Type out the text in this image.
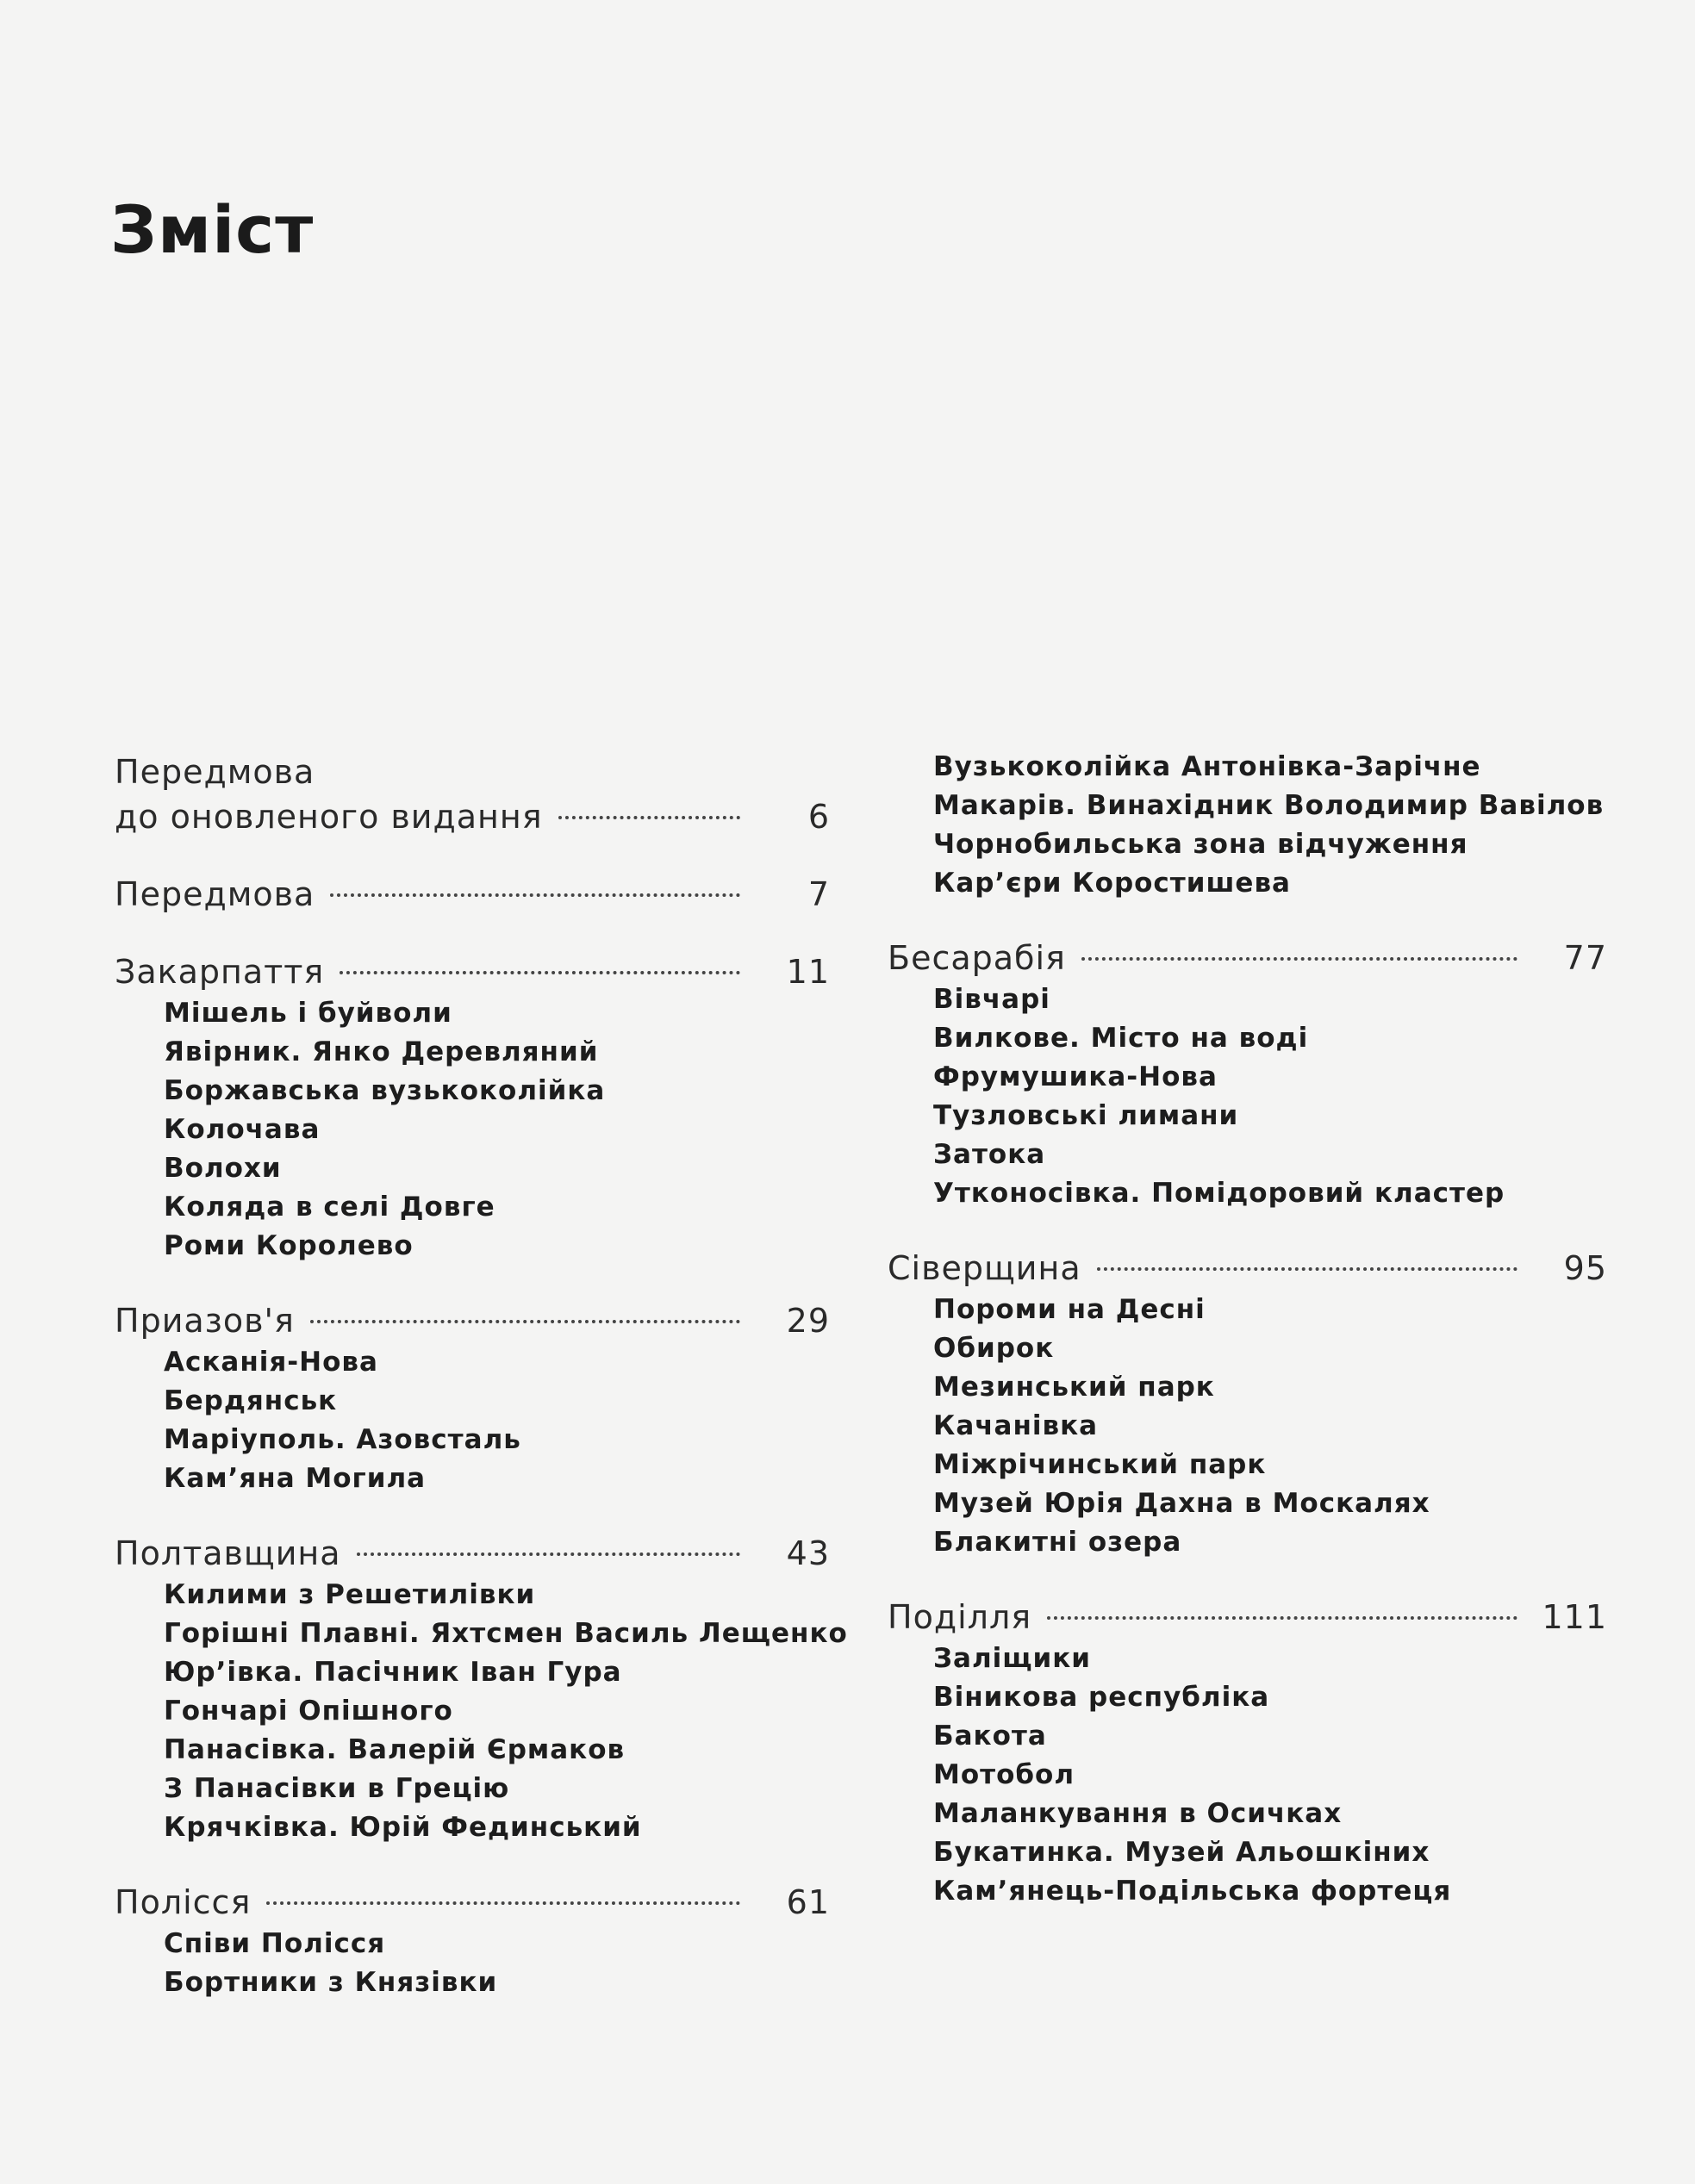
Зміст
Передмова
до оновленого видання	6
Передмова	7
Закарпаття	11
Мішель і буйволи
Явірник. Янко Деревляний
Боржавська вузькоколійка
Колочава
Волохи
Коляда в селі Довге
Роми Королево
Приазов'я	29
Асканія-Нова
Бердянськ
Маріуполь. Азовсталь
Кам’яна Могила
Полтавщина	43
Килими з Решетилівки
Горішні Плавні. Яхтсмен Василь Лещенко
Юр’івка. Пасічник Іван Гура
Гончарі Опішного
Панасівка. Валерій Єрмаков
З Панасівки в Грецію
Крячківка. Юрій Фединський
Полісся	61
Співи Полісся
Бортники з Князівки
Вузькоколійка Антонівка-Зарічне
Макарів. Винахідник Володимир Вавілов
Чорнобильська зона відчуження
Кар’єри Коростишева
Бесарабія	77
Вівчарі
Вилкове. Місто на воді
Фрумушика-Нова
Тузловські лимани
Затока
Утконосівка. Помідоровий кластер
Сіверщина	95
Пороми на Десні
Обирок
Мезинський парк
Качанівка
Міжрічинський парк
Музей Юрія Дахна в Москалях
Блакитні озера
Поділля	111
Заліщики
Віникова республіка
Бакота
Мотобол
Маланкування в Осичках
Букатинка. Музей Альошкіних
Кам’янець-Подільська фортеця
